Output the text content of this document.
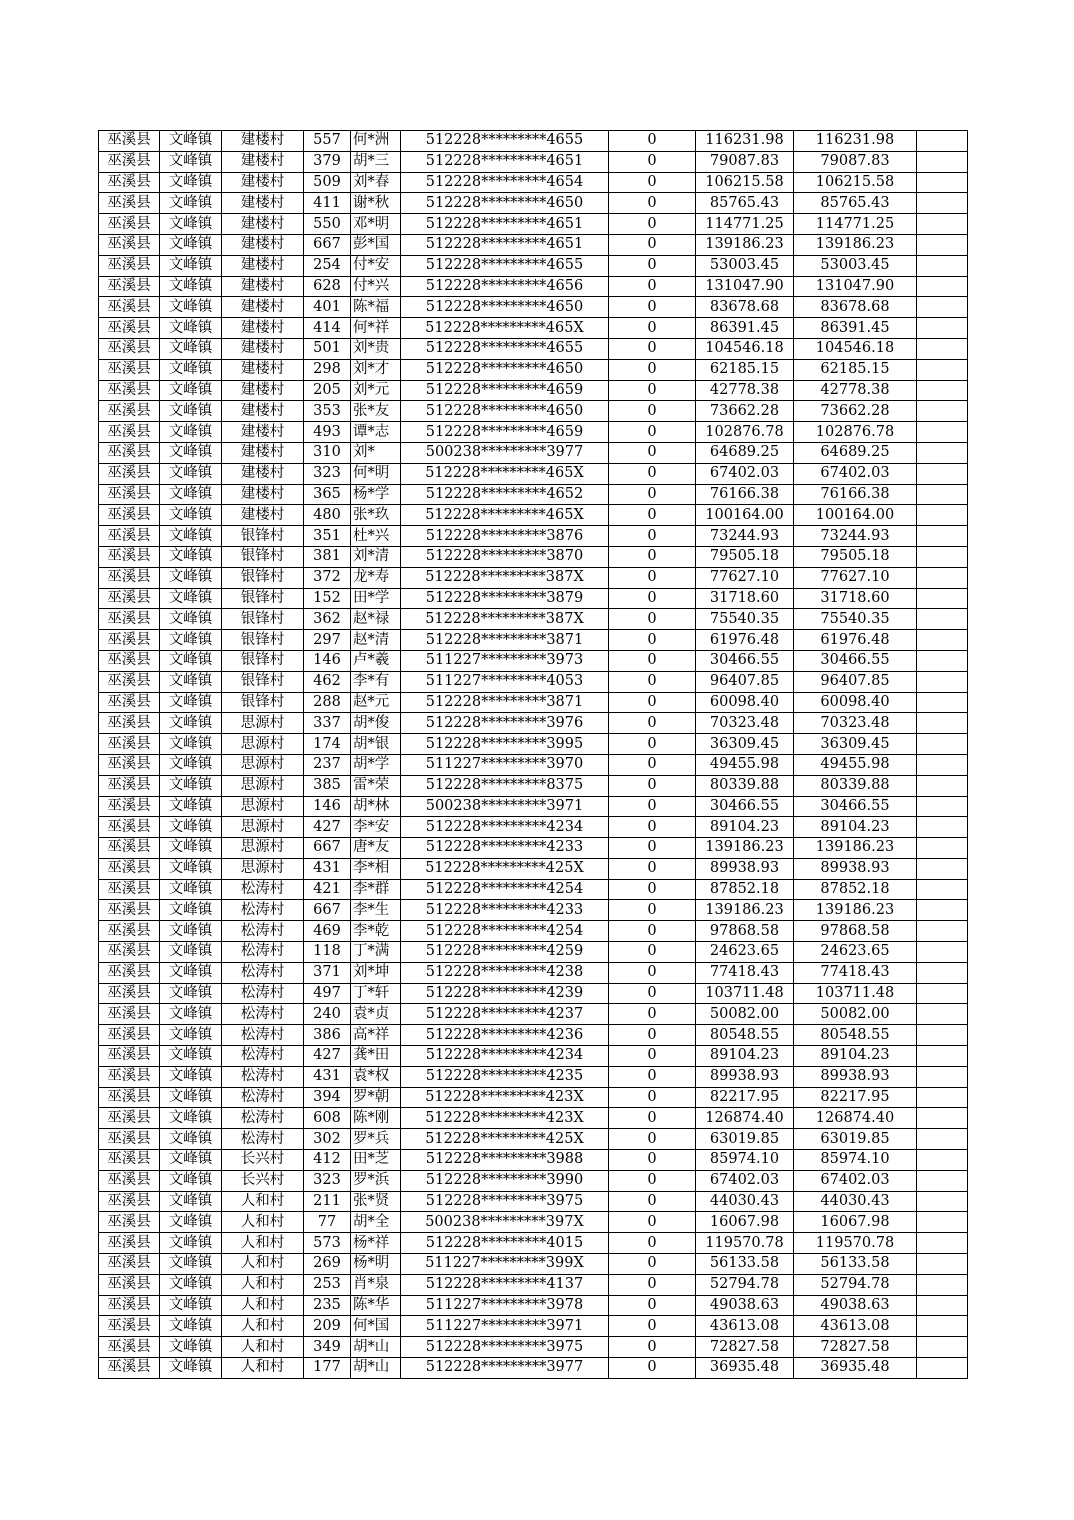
巫溪县	文峰镇	建楼村	557	何*洲	512228*********4655	0	116231.98	116231.98	
巫溪县	文峰镇	建楼村	379	胡*三	512228*********4651	0	79087.83	79087.83	
巫溪县	文峰镇	建楼村	509	刘*春	512228*********4654	0	106215.58	106215.58	
巫溪县	文峰镇	建楼村	411	谢*秋	512228*********4650	0	85765.43	85765.43	
巫溪县	文峰镇	建楼村	550	邓*明	512228*********4651	0	114771.25	114771.25	
巫溪县	文峰镇	建楼村	667	彭*国	512228*********4651	0	139186.23	139186.23	
巫溪县	文峰镇	建楼村	254	付*安	512228*********4655	0	53003.45	53003.45	
巫溪县	文峰镇	建楼村	628	付*兴	512228*********4656	0	131047.90	131047.90	
巫溪县	文峰镇	建楼村	401	陈*福	512228*********4650	0	83678.68	83678.68	
巫溪县	文峰镇	建楼村	414	何*祥	512228*********465X	0	86391.45	86391.45	
巫溪县	文峰镇	建楼村	501	刘*贵	512228*********4655	0	104546.18	104546.18	
巫溪县	文峰镇	建楼村	298	刘*才	512228*********4650	0	62185.15	62185.15	
巫溪县	文峰镇	建楼村	205	刘*元	512228*********4659	0	42778.38	42778.38	
巫溪县	文峰镇	建楼村	353	张*友	512228*********4650	0	73662.28	73662.28	
巫溪县	文峰镇	建楼村	493	谭*志	512228*********4659	0	102876.78	102876.78	
巫溪县	文峰镇	建楼村	310	刘*	500238*********3977	0	64689.25	64689.25	
巫溪县	文峰镇	建楼村	323	何*明	512228*********465X	0	67402.03	67402.03	
巫溪县	文峰镇	建楼村	365	杨*学	512228*********4652	0	76166.38	76166.38	
巫溪县	文峰镇	建楼村	480	张*玖	512228*********465X	0	100164.00	100164.00	
巫溪县	文峰镇	银锋村	351	杜*兴	512228*********3876	0	73244.93	73244.93	
巫溪县	文峰镇	银锋村	381	刘*清	512228*********3870	0	79505.18	79505.18	
巫溪县	文峰镇	银锋村	372	龙*寿	512228*********387X	0	77627.10	77627.10	
巫溪县	文峰镇	银锋村	152	田*学	512228*********3879	0	31718.60	31718.60	
巫溪县	文峰镇	银锋村	362	赵*禄	512228*********387X	0	75540.35	75540.35	
巫溪县	文峰镇	银锋村	297	赵*清	512228*********3871	0	61976.48	61976.48	
巫溪县	文峰镇	银锋村	146	卢*羲	511227*********3973	0	30466.55	30466.55	
巫溪县	文峰镇	银锋村	462	李*有	511227*********4053	0	96407.85	96407.85	
巫溪县	文峰镇	银锋村	288	赵*元	512228*********3871	0	60098.40	60098.40	
巫溪县	文峰镇	思源村	337	胡*俊	512228*********3976	0	70323.48	70323.48	
巫溪县	文峰镇	思源村	174	胡*银	512228*********3995	0	36309.45	36309.45	
巫溪县	文峰镇	思源村	237	胡*学	511227*********3970	0	49455.98	49455.98	
巫溪县	文峰镇	思源村	385	雷*荣	512228*********8375	0	80339.88	80339.88	
巫溪县	文峰镇	思源村	146	胡*林	500238*********3971	0	30466.55	30466.55	
巫溪县	文峰镇	思源村	427	李*安	512228*********4234	0	89104.23	89104.23	
巫溪县	文峰镇	思源村	667	唐*友	512228*********4233	0	139186.23	139186.23	
巫溪县	文峰镇	思源村	431	李*相	512228*********425X	0	89938.93	89938.93	
巫溪县	文峰镇	松涛村	421	李*群	512228*********4254	0	87852.18	87852.18	
巫溪县	文峰镇	松涛村	667	李*生	512228*********4233	0	139186.23	139186.23	
巫溪县	文峰镇	松涛村	469	李*乾	512228*********4254	0	97868.58	97868.58	
巫溪县	文峰镇	松涛村	118	丁*满	512228*********4259	0	24623.65	24623.65	
巫溪县	文峰镇	松涛村	371	刘*坤	512228*********4238	0	77418.43	77418.43	
巫溪县	文峰镇	松涛村	497	丁*轩	512228*********4239	0	103711.48	103711.48	
巫溪县	文峰镇	松涛村	240	袁*贞	512228*********4237	0	50082.00	50082.00	
巫溪县	文峰镇	松涛村	386	高*祥	512228*********4236	0	80548.55	80548.55	
巫溪县	文峰镇	松涛村	427	龚*田	512228*********4234	0	89104.23	89104.23	
巫溪县	文峰镇	松涛村	431	袁*权	512228*********4235	0	89938.93	89938.93	
巫溪县	文峰镇	松涛村	394	罗*朝	512228*********423X	0	82217.95	82217.95	
巫溪县	文峰镇	松涛村	608	陈*刚	512228*********423X	0	126874.40	126874.40	
巫溪县	文峰镇	松涛村	302	罗*兵	512228*********425X	0	63019.85	63019.85	
巫溪县	文峰镇	长兴村	412	田*芝	512228*********3988	0	85974.10	85974.10	
巫溪县	文峰镇	长兴村	323	罗*浜	512228*********3990	0	67402.03	67402.03	
巫溪县	文峰镇	人和村	211	张*贤	512228*********3975	0	44030.43	44030.43	
巫溪县	文峰镇	人和村	77	胡*全	500238*********397X	0	16067.98	16067.98	
巫溪县	文峰镇	人和村	573	杨*祥	512228*********4015	0	119570.78	119570.78	
巫溪县	文峰镇	人和村	269	杨*明	511227*********399X	0	56133.58	56133.58	
巫溪县	文峰镇	人和村	253	肖*泉	512228*********4137	0	52794.78	52794.78	
巫溪县	文峰镇	人和村	235	陈*华	511227*********3978	0	49038.63	49038.63	
巫溪县	文峰镇	人和村	209	何*国	511227*********3971	0	43613.08	43613.08	
巫溪县	文峰镇	人和村	349	胡*山	512228*********3975	0	72827.58	72827.58	
巫溪县	文峰镇	人和村	177	胡*山	512228*********3977	0	36935.48	36935.48	
